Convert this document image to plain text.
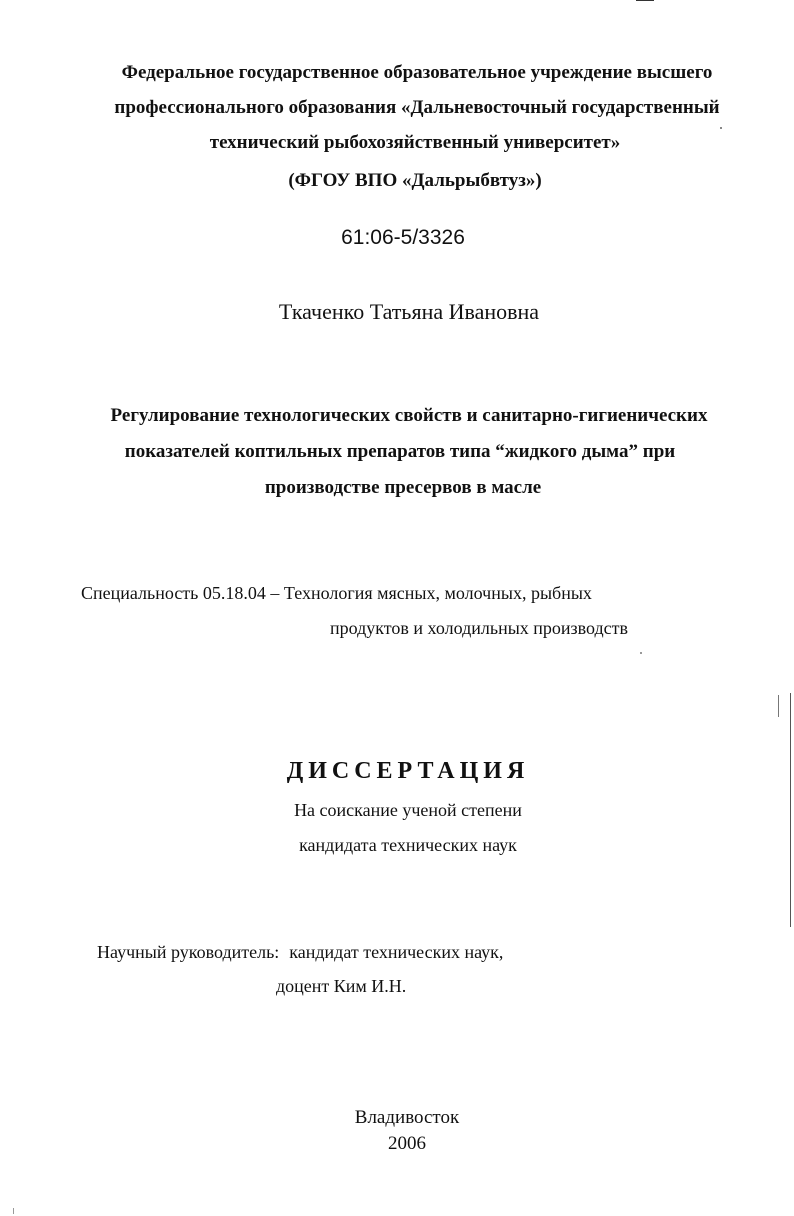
Федеральное государственное образовательное учреждение высшего
профессионального образования «Дальневосточный государственный
технический рыбохозяйственный университет»
(ФГОУ ВПО «Дальрыбвтуз»)
61:06-5/3326
Ткаченко Татьяна Ивановна
Регулирование технологических свойств и санитарно-гигиенических
показателей коптильных препаратов типа “жидкого дыма” при
производстве пресервов в масле
Специальность 05.18.04 – Технология мясных, молочных, рыбных
продуктов и холодильных производств
ДИССЕРТАЦИЯ
На соискание ученой степени
кандидата технических наук
Научный руководитель: кандидат технических наук,
доцент Ким И.Н.
Владивосток
2006
